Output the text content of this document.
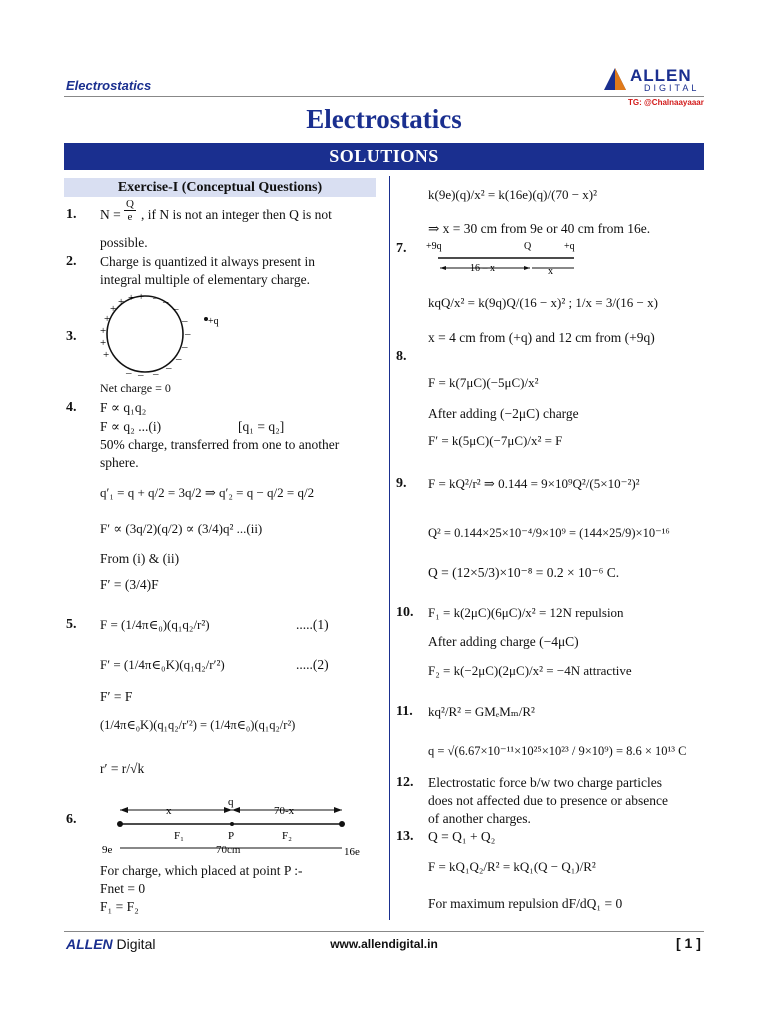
Electrostatics
ALLEN
DIGITAL
TG: @Chalnaayaaar
Electrostatics
SOLUTIONS
Exercise-I (Conceptual Questions)
1. $N = \frac{Q}{e}$ , if N is not an integer then Q is not
possible.
2. Charge is quantized it always present in
integral multiple of elementary charge.
3.
+
+
+
+
+
+ + + – –
–
–
–
–
–
–
–
–
–
+q
Net charge = 0
4. F ∝ q₁q₂
F ∝ q₂ ...(i)	[q₁ = q₂]
50% charge, transferred from one to another
sphere.
q′₁ = q + q/2 = 3q/2 ⇒ q′₂ = q − q/2 = q/2
F′ ∝ (3q/2)(q/2) ∝ (3/4)q² ...(ii)
From (i) & (ii)
F′ = (3/4)F
5. F = (1/4π∈₀)(q₁q₂/r²)	.....(1)
F′ = (1/4π∈₀K)(q₁q₂/r′²)	.....(2)
F′ = F
(1/4π∈₀K)(q₁q₂/r′²) = (1/4π∈₀)(q₁q₂/r²)
r′ = r/√k
6.
x
q
70-x
F₁	P	F₂
9e	70cm	16e
For charge, which placed at point P :-
Fnet = 0
F₁ = F₂
k(9e)(q)/x² = k(16e)(q)/(70 − x)²
⇒ x = 30 cm from 9e or 40 cm from 16e.
7. +9q	Q	+q
16 – x	x
kqQ/x² = k(9q)Q/(16 − x)² ; 1/x = 3/(16 − x)
x = 4 cm from (+q) and 12 cm from (+9q)
8.
F = k(7μC)(−5μC)/x²
After adding (−2μC) charge
F′ = k(5μC)(−7μC)/x² = F
9. F = kQ²/r² ⇒ 0.144 = 9×10⁹Q²/(5×10⁻²)²
Q² = 0.144×25×10⁻⁴/9×10⁹ = (144×25/9)×10⁻¹⁶
Q = (12×5/3)×10⁻⁸ = 0.2 × 10⁻⁶ C.
10. F₁ = k(2μC)(6μC)/x² = 12N repulsion
After adding charge (−4μC)
F₂ = k(−2μC)(2μC)/x² = −4N attractive
11. kq²/R² = GMₑMₘ/R²
q = √(6.67×10⁻¹¹×10²⁵×10²³ / 9×10⁹) = 8.6 × 10¹³ C
12. Electrostatic force b/w two charge particles
does not affected due to presence or absence
of another charges.
13. Q = Q₁ + Q₂
F = kQ₁Q₂/R² = kQ₁(Q − Q₁)/R²
For maximum repulsion dF/dQ₁ = 0
ALLEN Digital	www.allendigital.in	[ 1 ]
